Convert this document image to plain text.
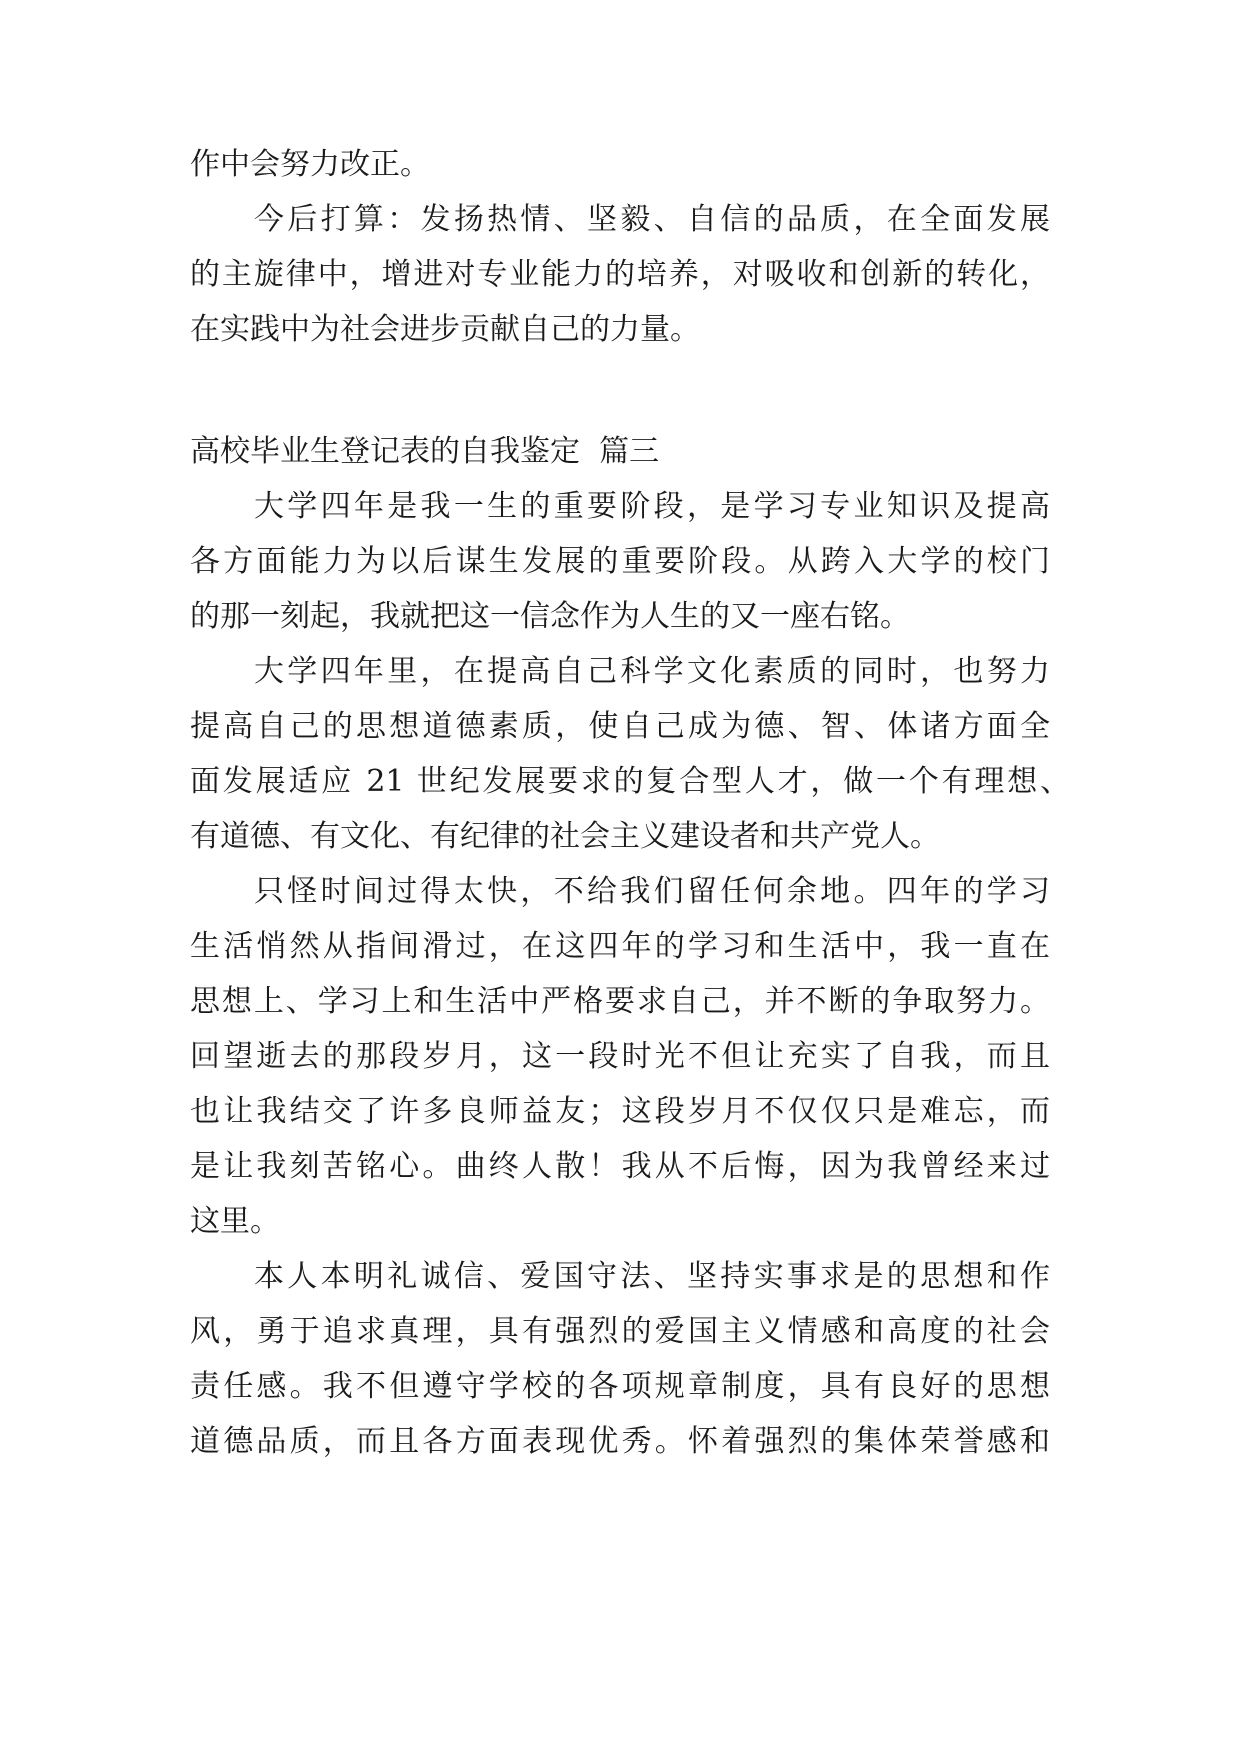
作中会努力改正。
今后打算：发扬热情、坚毅、自信的品质，在全面发展
的主旋律中，增进对专业能力的培养，对吸收和创新的转化，
在实践中为社会进步贡献自己的力量。
高校毕业生登记表的自我鉴定  篇三
大学四年是我一生的重要阶段，是学习专业知识及提高
各方面能力为以后谋生发展的重要阶段。从跨入大学的校门
的那一刻起，我就把这一信念作为人生的又一座右铭。
大学四年里，在提高自己科学文化素质的同时，也努力
提高自己的思想道德素质，使自己成为德、智、体诸方面全
面发展适应 21 世纪发展要求的复合型人才，做一个有理想、
有道德、有文化、有纪律的社会主义建设者和共产党人。
只怪时间过得太快，不给我们留任何余地。四年的学习
生活悄然从指间滑过，在这四年的学习和生活中，我一直在
思想上、学习上和生活中严格要求自己，并不断的争取努力。
回望逝去的那段岁月，这一段时光不但让充实了自我，而且
也让我结交了许多良师益友；这段岁月不仅仅只是难忘，而
是让我刻苦铭心。曲终人散！我从不后悔，因为我曾经来过
这里。
本人本明礼诚信、爱国守法、坚持实事求是的思想和作
风，勇于追求真理，具有强烈的爱国主义情感和高度的社会
责任感。我不但遵守学校的各项规章制度，具有良好的思想
道德品质，而且各方面表现优秀。怀着强烈的集体荣誉感和
